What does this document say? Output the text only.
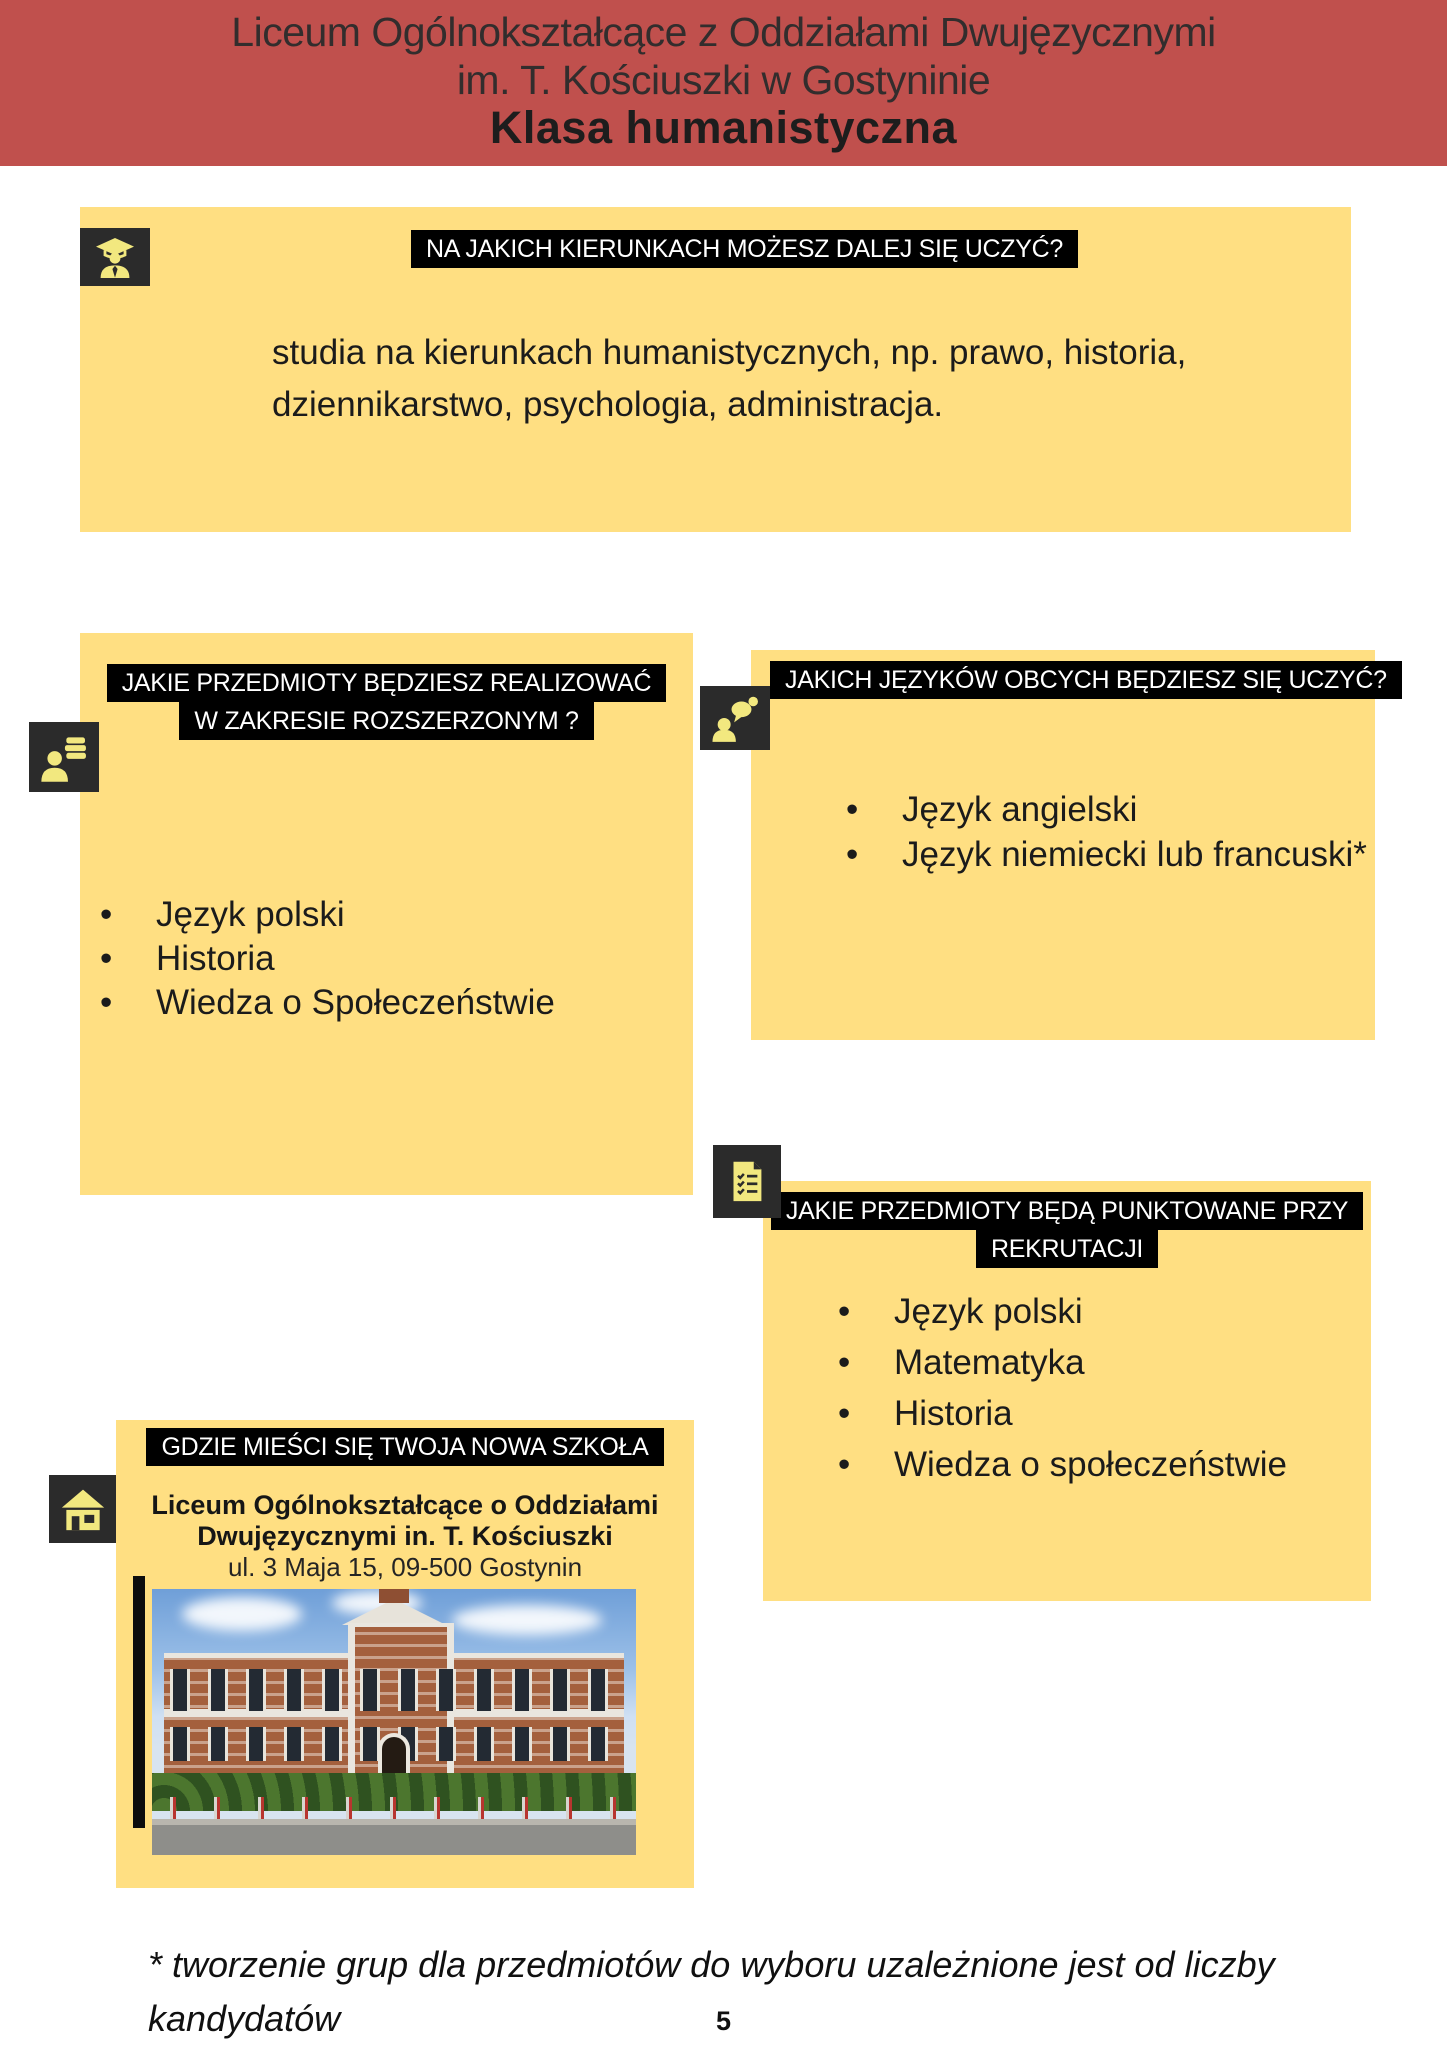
Liceum Ogólnokształcące z Oddziałami Dwujęzycznymi
im. T. Kościuszki w Gostyninie
Klasa humanistyczna
NA JAKICH KIERUNKACH MOŻESZ DALEJ SIĘ UCZYĆ?
studia na kierunkach humanistycznych, np. prawo, historia,
dziennikarstwo, psychologia, administracja.
JAKIE PRZEDMIOTY BĘDZIESZ REALIZOWAĆ
W ZAKRESIE ROZSZERZONYM ?
• Język polski
• Historia
• Wiedza o Społeczeństwie
JAKICH JĘZYKÓW OBCYCH BĘDZIESZ SIĘ UCZYĆ?
• Język angielski
• Język niemiecki lub francuski*
JAKIE PRZEDMIOTY BĘDĄ PUNKTOWANE PRZY
REKRUTACJI
• Język polski
• Matematyka
• Historia
• Wiedza o społeczeństwie
GDZIE MIEŚCI SIĘ TWOJA NOWA SZKOŁA
Liceum Ogólnokształcące o Oddziałami
Dwujęzycznymi in. T. Kościuszki
ul. 3 Maja 15, 09-500 Gostynin
* tworzenie grup dla przedmiotów do wyboru uzależnione jest od liczby
kandydatów	5
